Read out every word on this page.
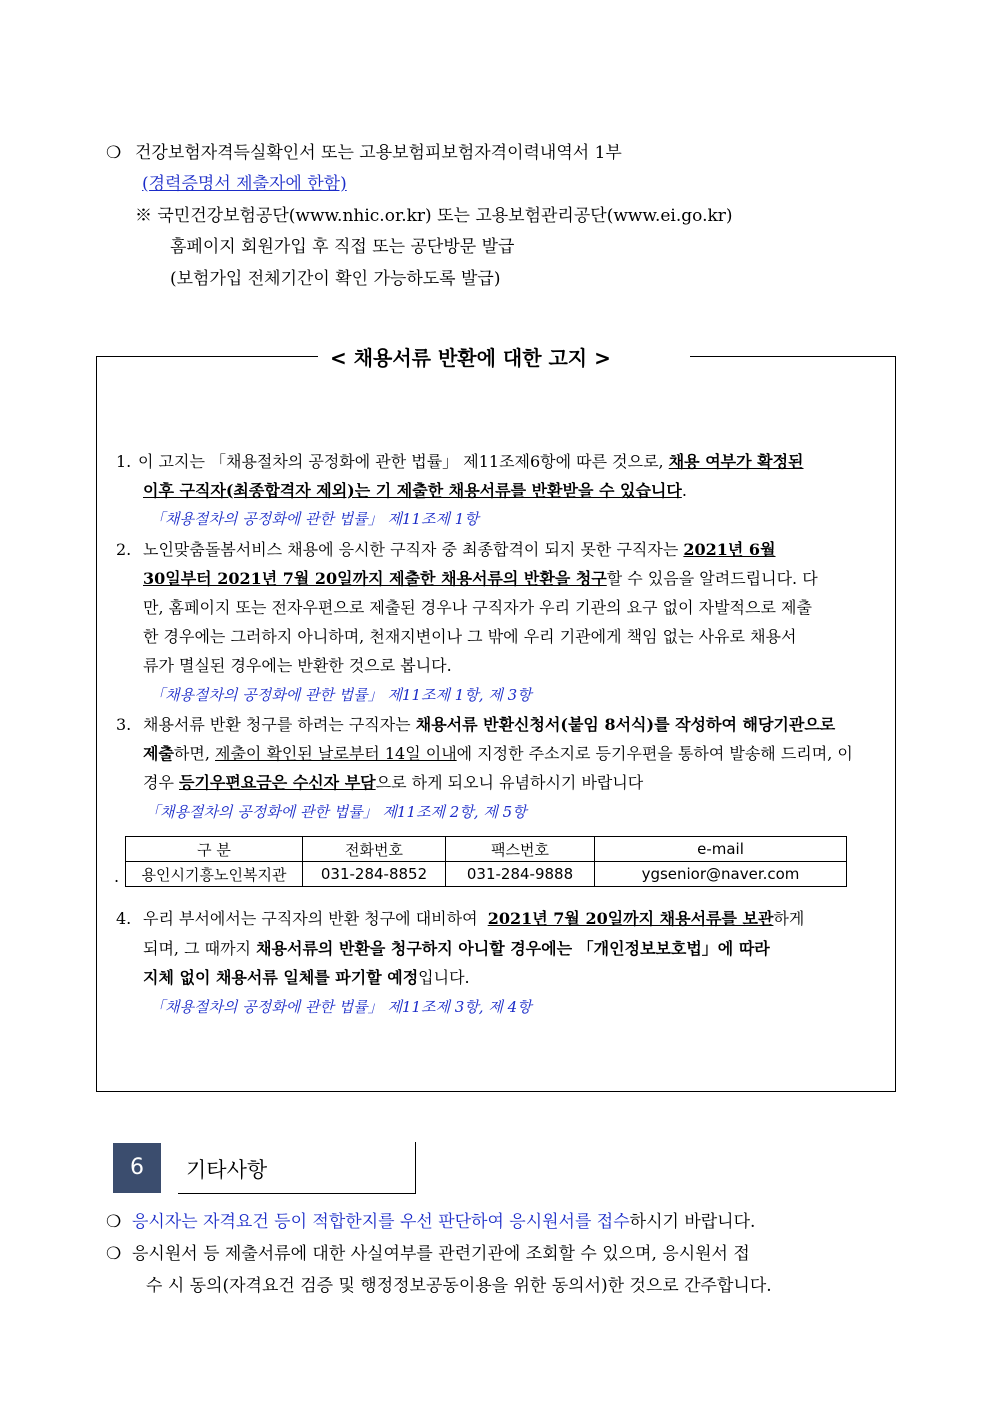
❍ 건강보험자격득실확인서 또는 고용보험피보험자격이력내역서 1부
(경력증명서 제출자에 한함)
※ 국민건강보험공단(www.nhic.or.kr) 또는 고용보험관리공단(www.ei.go.kr)
홈페이지 회원가입 후 직접 또는 공단방문 발급
(보험가입 전체기간이 확인 가능하도록 발급)
< 채용서류 반환에 대한 고지 >
1. 이 고지는 「채용절차의 공정화에 관한 법률」 제11조제6항에 따른 것으로, 채용 여부가 확정된
이후 구직자(최종합격자 제외)는 기 제출한 채용서류를 반환받을 수 있습니다.
「채용절차의 공정화에 관한 법률」 제11조제 1항
2. 노인맞춤돌봄서비스 채용에 응시한 구직자 중 최종합격이 되지 못한 구직자는 2021년 6월
30일부터 2021년 7월 20일까지 제출한 채용서류의 반환을 청구할 수 있음을 알려드립니다. 다
만, 홈페이지 또는 전자우편으로 제출된 경우나 구직자가 우리 기관의 요구 없이 자발적으로 제출
한 경우에는 그러하지 아니하며, 천재지변이나 그 밖에 우리 기관에게 책임 없는 사유로 채용서
류가 멸실된 경우에는 반환한 것으로 봅니다.
「채용절차의 공정화에 관한 법률」 제11조제 1항, 제 3항
3. 채용서류 반환 청구를 하려는 구직자는 채용서류 반환신청서(붙임 8서식)를 작성하여 해당기관으로
제출하면, 제출이 확인된 날로부터 14일 이내에 지정한 주소지로 등기우편을 통하여 발송해 드리며, 이
경우 등기우편요금은 수신자 부담으로 하게 되오니 유념하시기 바랍니다
「채용절차의 공정화에 관한 법률」 제11조제 2항, 제 5항
.
구 분	전화번호	팩스번호	e-mail
용인시기흥노인복지관	031-284-8852	031-284-9888	ygsenior@naver.com
4. 우리 부서에서는 구직자의 반환 청구에 대비하여  2021년 7월 20일까지 채용서류를 보관하게
되며, 그 때까지 채용서류의 반환을 청구하지 아니할 경우에는 「개인정보보호법」에 따라
지체 없이 채용서류 일체를 파기할 예정입니다.
「채용절차의 공정화에 관한 법률」 제11조제 3항, 제 4항
6	기타사항
❍ 응시자는 자격요건 등이 적합한지를 우선 판단하여 응시원서를 접수하시기 바랍니다.
❍ 응시원서 등 제출서류에 대한 사실여부를 관련기관에 조회할 수 있으며, 응시원서 접
수 시 동의(자격요건 검증 및 행정정보공동이용을 위한 동의서)한 것으로 간주합니다.
